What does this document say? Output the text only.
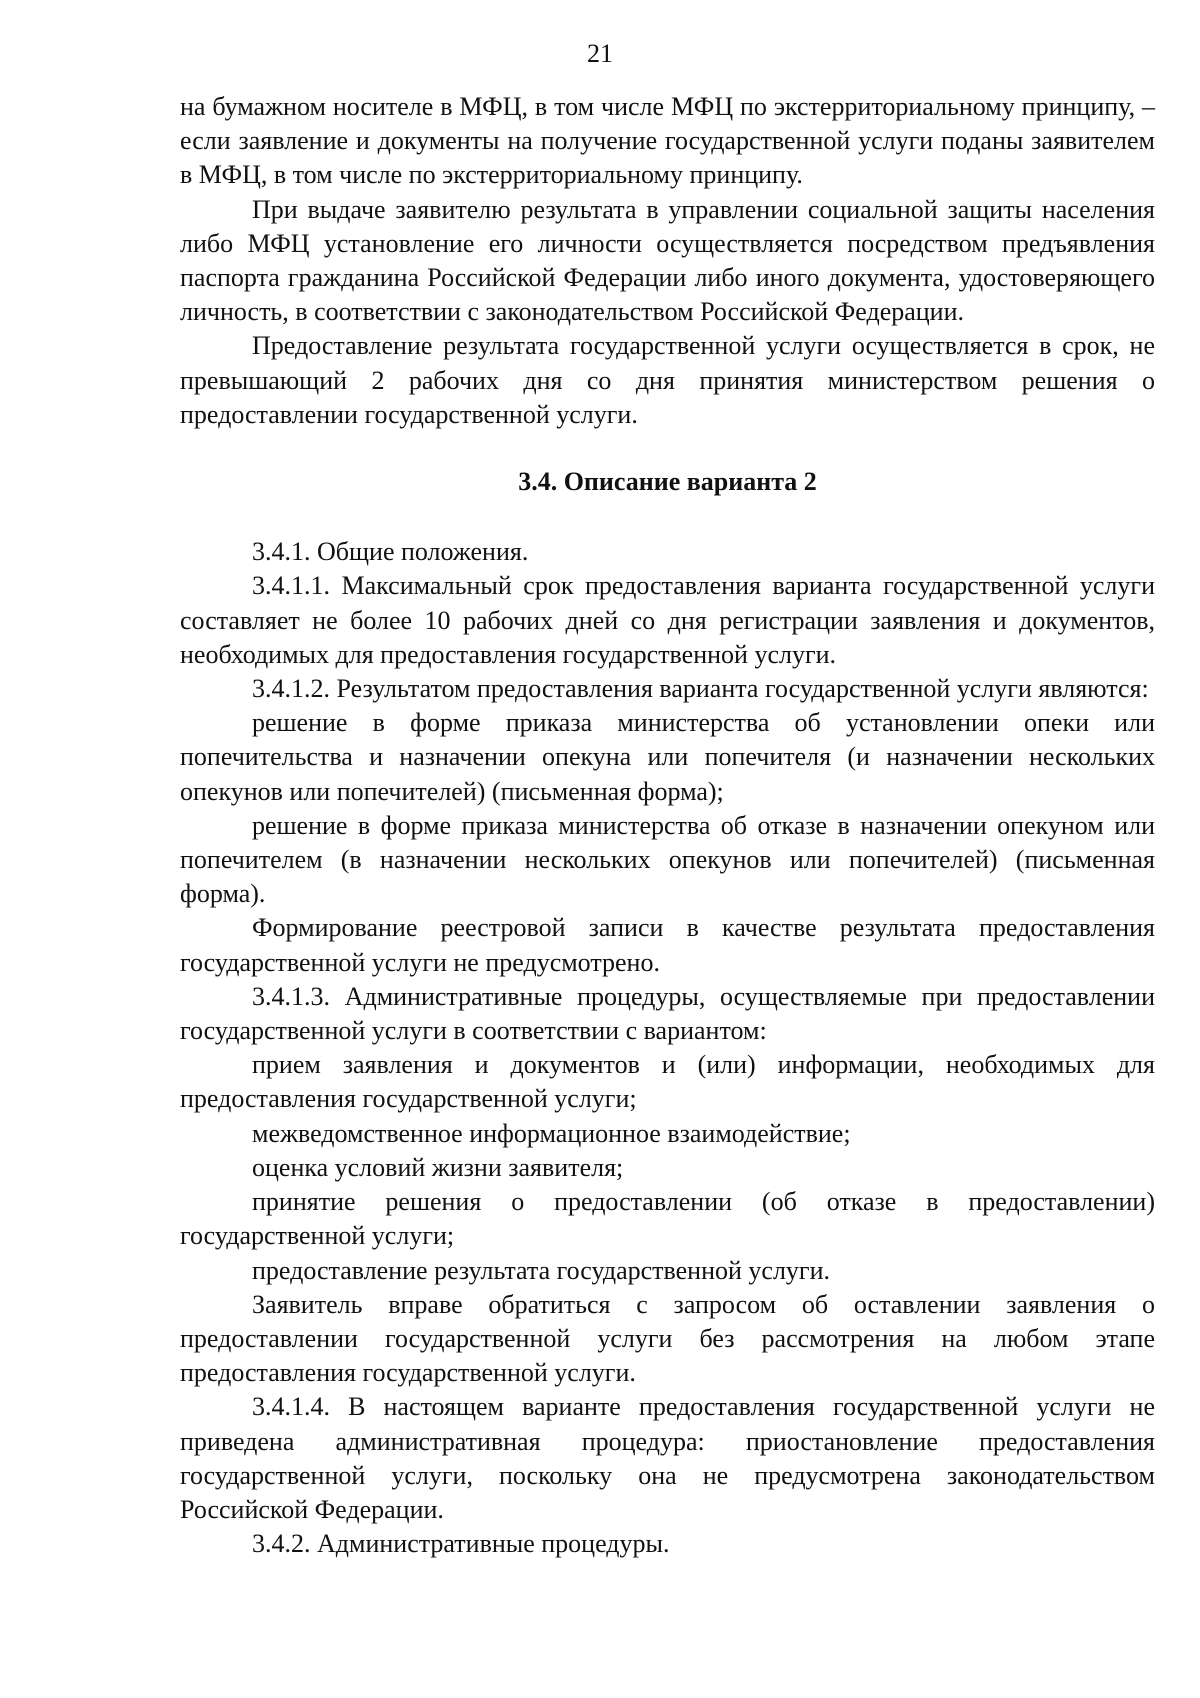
21

на бумажном носителе в МФЦ, в том числе МФЦ по экстерриториальному принципу, – если заявление и документы на получение государственной услуги поданы заявителем в МФЦ, в том числе по экстерриториальному принципу.

При выдаче заявителю результата в управлении социальной защиты населения либо МФЦ установление его личности осуществляется посредством предъявления паспорта гражданина Российской Федерации либо иного документа, удостоверяющего личность, в соответствии с законодательством Российской Федерации.

Предоставление результата государственной услуги осуществляется в срок, не превышающий 2 рабочих дня со дня принятия министерством решения о предоставлении государственной услуги.

3.4. Описание варианта 2

3.4.1. Общие положения.

3.4.1.1. Максимальный срок предоставления варианта государственной услуги составляет не более 10 рабочих дней со дня регистрации заявления и документов, необходимых для предоставления государственной услуги.

3.4.1.2. Результатом предоставления варианта государственной услуги являются:

решение в форме приказа министерства об установлении опеки или попечительства и назначении опекуна или попечителя (и назначении нескольких опекунов или попечителей) (письменная форма);

решение в форме приказа министерства об отказе в назначении опекуном или попечителем (в назначении нескольких опекунов или попечителей) (письменная форма).

Формирование реестровой записи в качестве результата предоставления государственной услуги не предусмотрено.

3.4.1.3. Административные процедуры, осуществляемые при предоставлении государственной услуги в соответствии с вариантом:

прием заявления и документов и (или) информации, необходимых для предоставления государственной услуги;

межведомственное информационное взаимодействие;

оценка условий жизни заявителя;

принятие решения о предоставлении (об отказе в предоставлении) государственной услуги;

предоставление результата государственной услуги.

Заявитель вправе обратиться с запросом об оставлении заявления о предоставлении государственной услуги без рассмотрения на любом этапе предоставления государственной услуги.

3.4.1.4. В настоящем варианте предоставления государственной услуги не приведена административная процедура: приостановление предоставления государственной услуги, поскольку она не предусмотрена законодательством Российской Федерации.

3.4.2. Административные процедуры.
